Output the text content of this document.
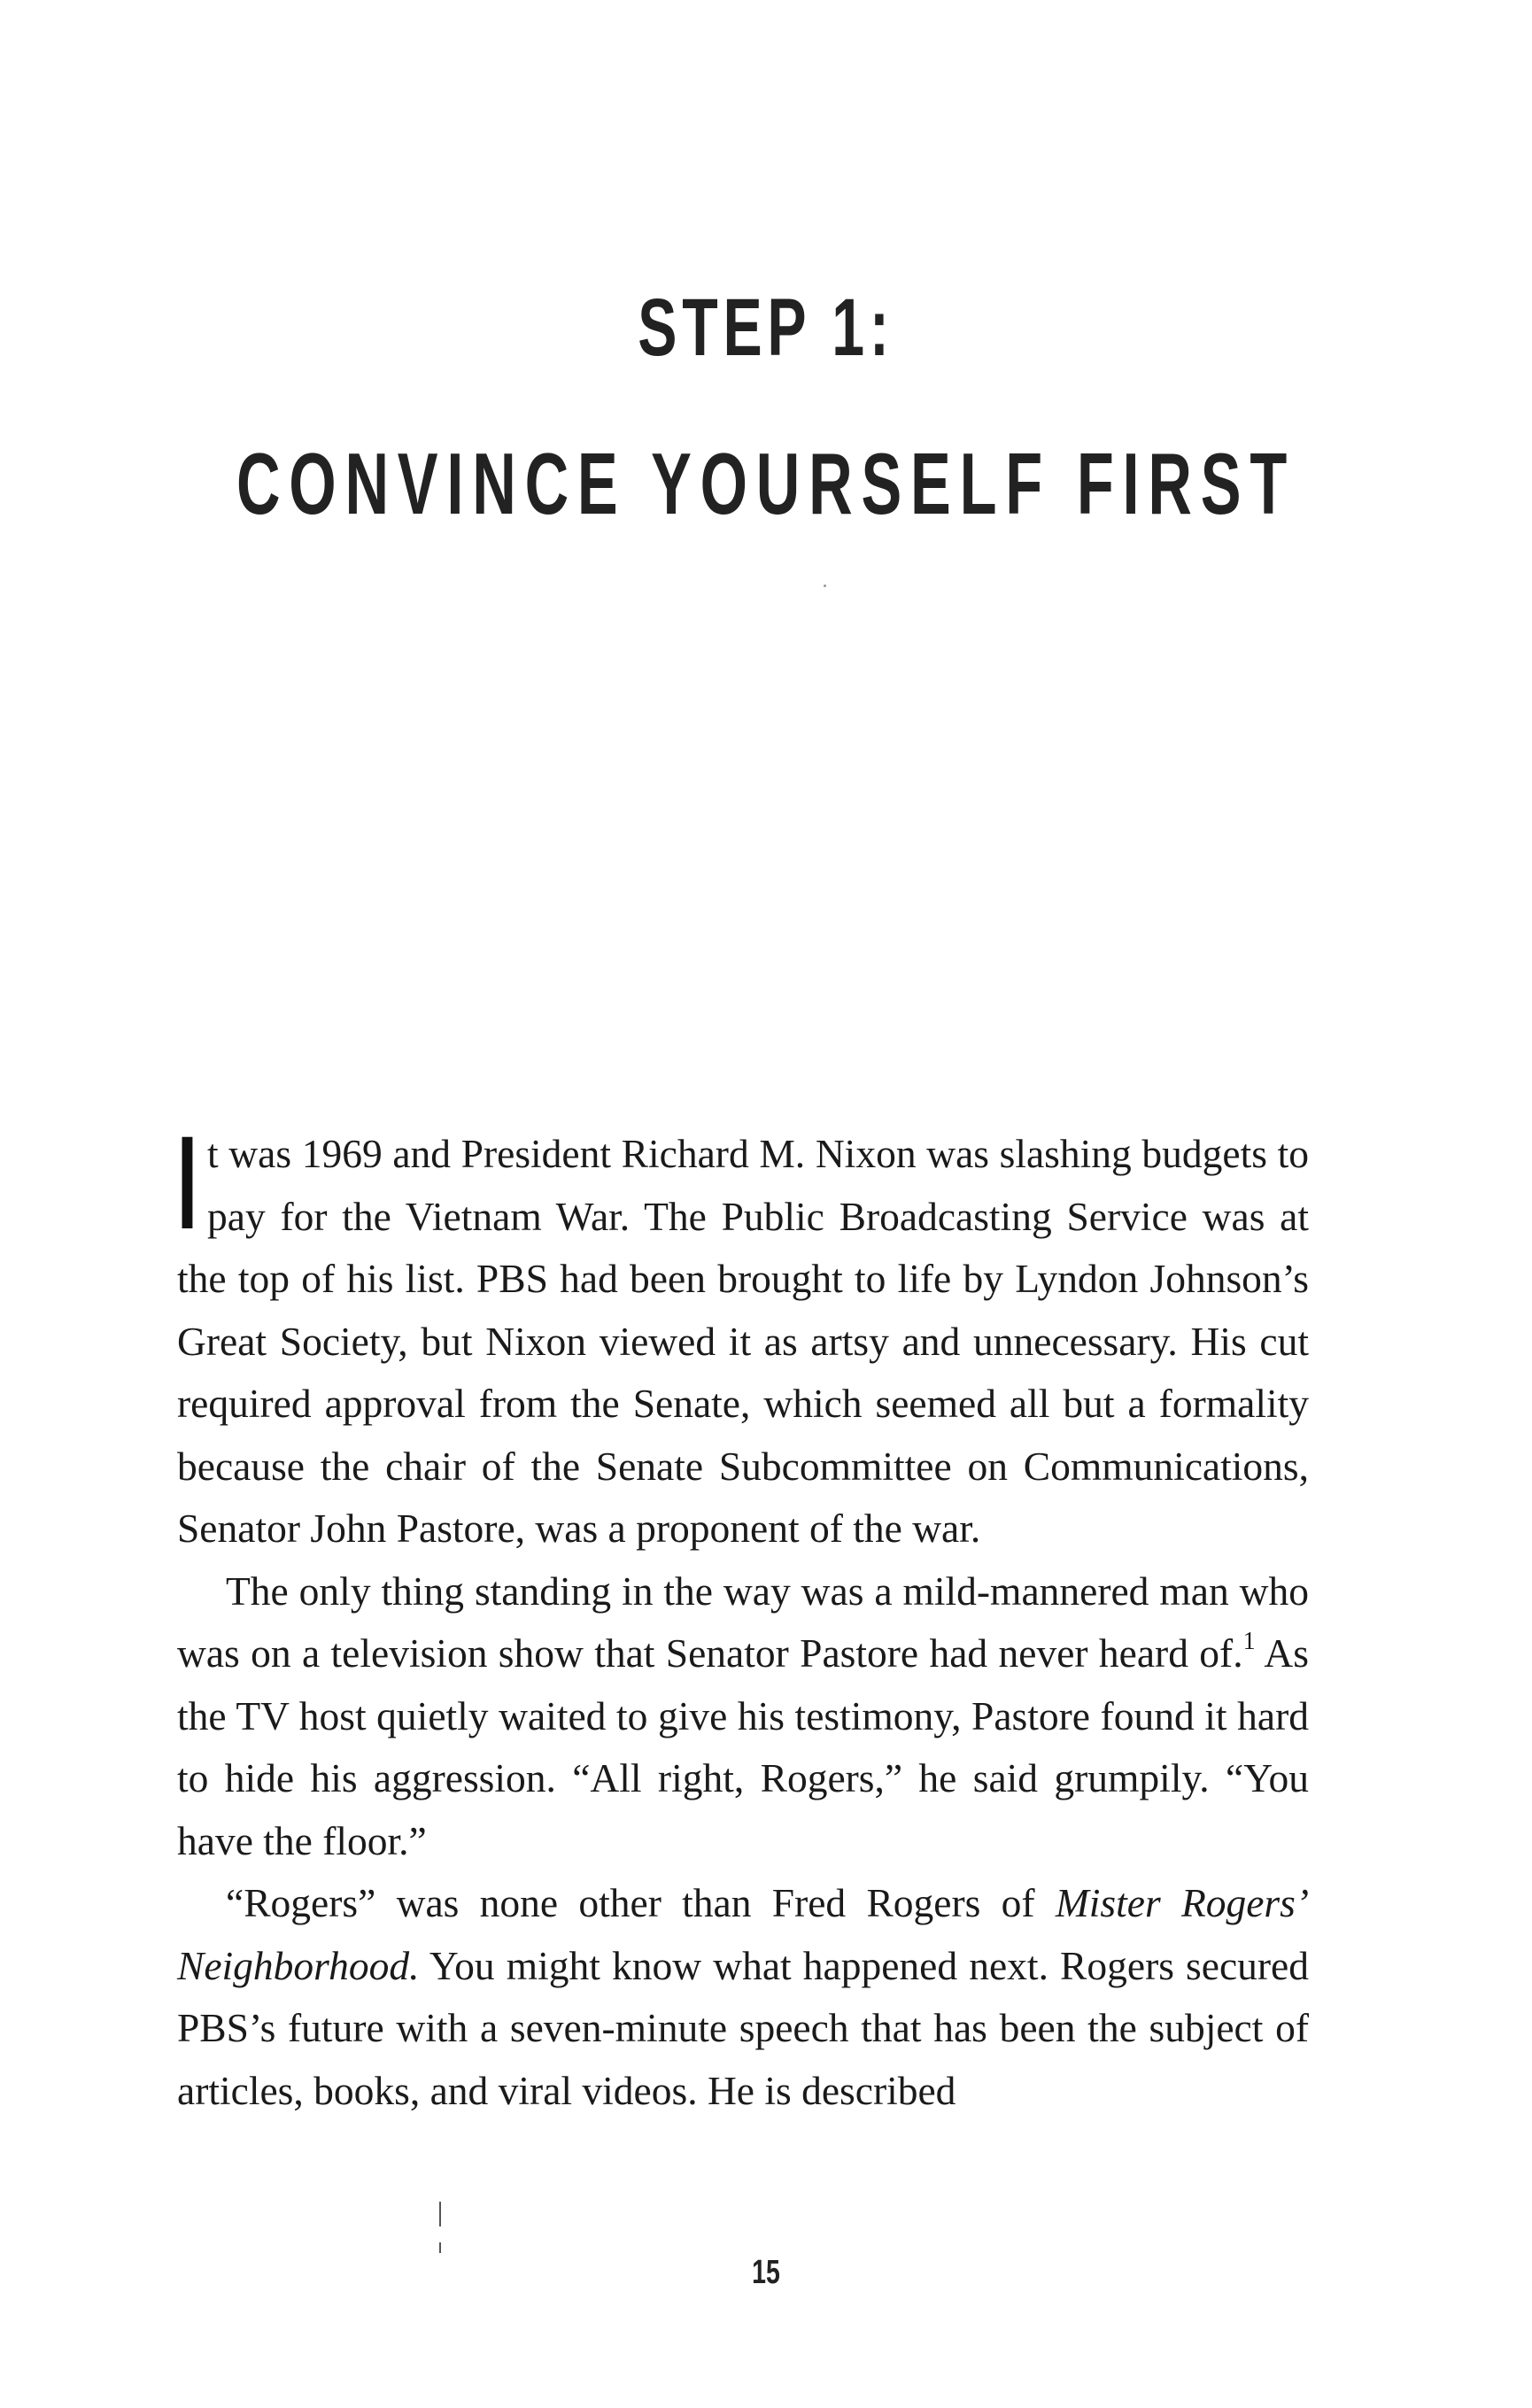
STEP 1:
CONVINCE YOURSELF FIRST

It was 1969 and President Richard M. Nixon was slashing budgets to pay for the Vietnam War. The Public Broadcasting Service was at the top of his list. PBS had been brought to life by Lyndon Johnson’s Great Society, but Nixon viewed it as artsy and unnecessary. His cut required approval from the Senate, which seemed all but a formality because the chair of the Senate Subcommittee on Communications, Senator John Pastore, was a proponent of the war.

The only thing standing in the way was a mild-mannered man who was on a television show that Senator Pastore had never heard of.$^1$ As the TV host quietly waited to give his testimony, Pastore found it hard to hide his aggression. “All right, Rogers,” he said grumpily. “You have the floor.”

“Rogers” was none other than Fred Rogers of Mister Rogers’ Neighborhood. You might know what happened next. Rogers secured PBS’s future with a seven-minute speech that has been the subject of articles, books, and viral videos. He is described

15
